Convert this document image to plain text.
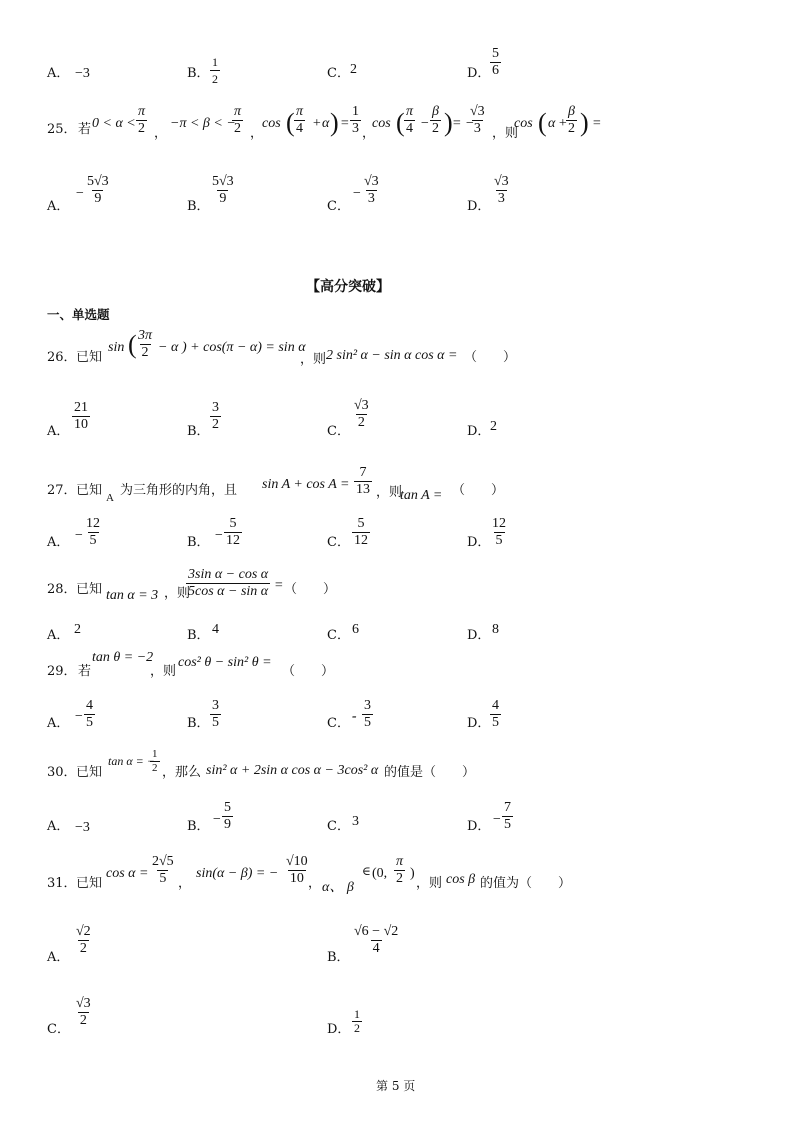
A． −3	B．
1
2	C． 2	D．
5
6
25． 若 0 < α <
π
2 ，
−π < β < −
π
2 ，
cos ( π
4 + α ) =
1
3 ，
cos ( π
4 −
β
2 ) = −
√3
3 ，则
cos ( α +
β
2 ) =
A．
−
5√3
9
B．
5√3
9
C．
−
√3
3
D．
√3
3
【高分突破】
一、单选题
26． 已知
sin ( 3π
2 − α ) + cos(π − α) = sin α
，则 2 sin² α − sin α cos α = （　　）
A．
21
10	B．
3
2	C．
√3
2
D． 2
27． 已知 A 为三角形的内角，且 sin A + cos A =
7
13 ，则
tan A = （　　）
A． −
12
5	B． −
5
12	C．
5
12	D．
12
5
28． 已知 tan α = 3 ，则
3sin α − cos α
5cos α − sin α = （　　）
A． 2	B． 4	C． 6	D． 8
29． 若
tan θ = −2
，则
cos² θ − sin² θ =
（　　）
A． −
4
5	B．
3
5	C． -
3
5	D．
4
5
30． 已知
tan α = −
1
2 ，那么 sin² α + 2sin α cos α − 3cos² α 的值是（　　）
A． −3	B． −
5
9	C． 3	D． −
7
5
31． 已知
cos α =
2√5
5 ，
sin(α − β) = −
√10
10 ， α、 β
∈ (0,
π
2 )
，则 cos β 的值为（　　）
A．
√2
2
B．
√6 − √2
4
C．
√3
2
D．
1
2
第 5 页
